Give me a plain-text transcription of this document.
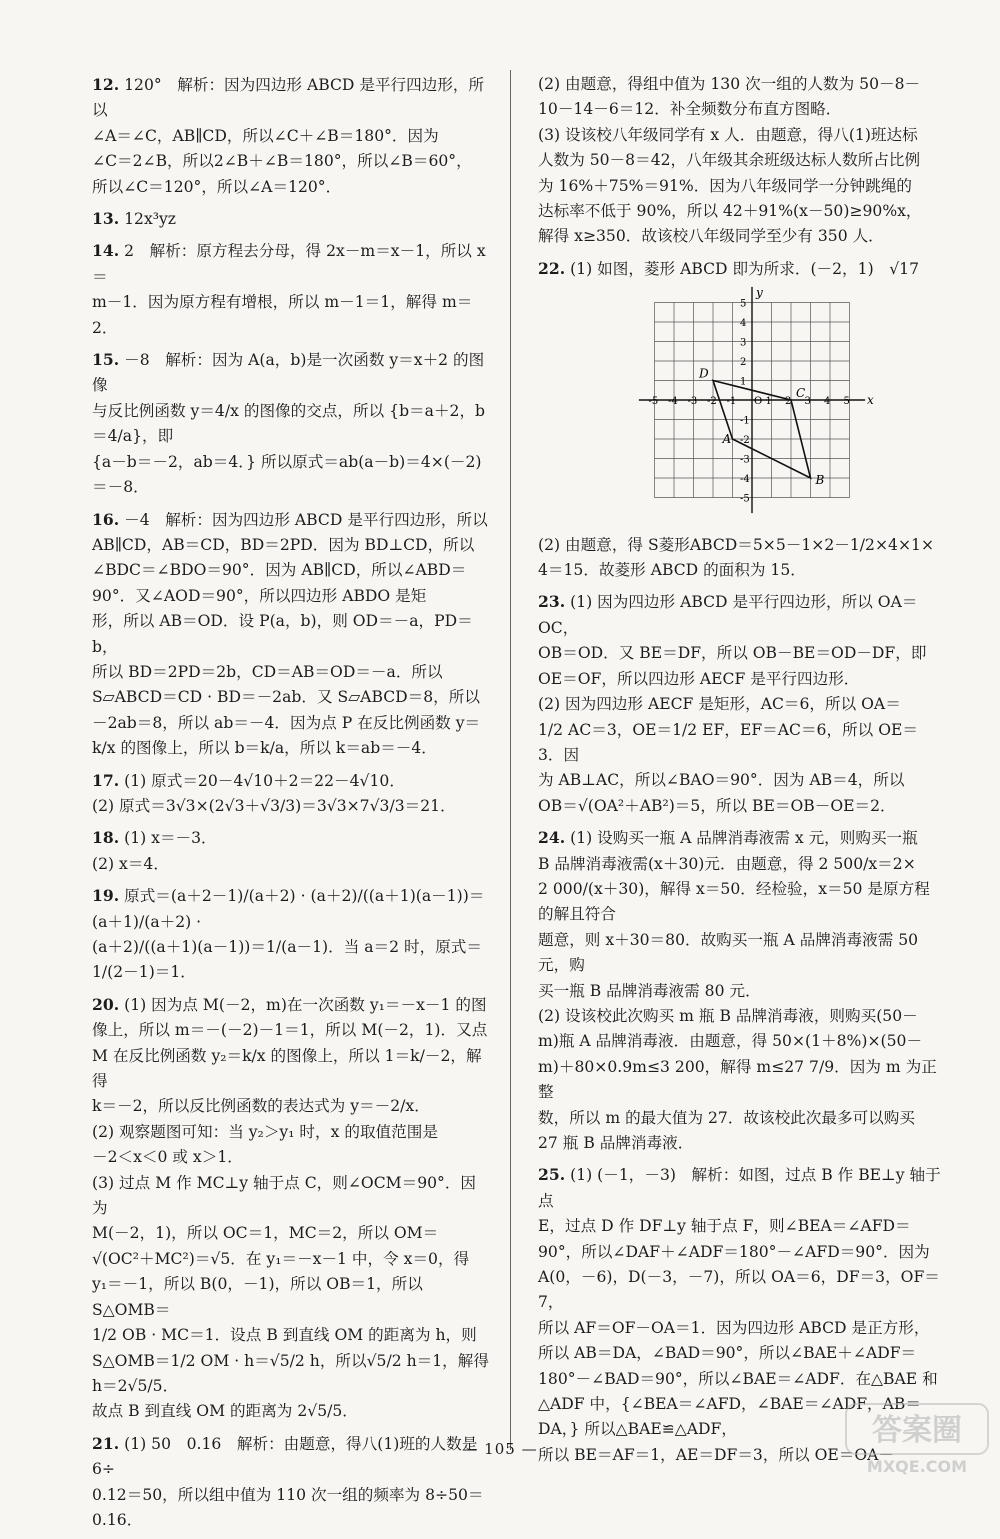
12. 120°　解析：因为四边形 ABCD 是平行四边形，所以

∠A＝∠C，AB∥CD，所以∠C＋∠B＝180°．因为

∠C＝2∠B，所以2∠B＋∠B＝180°，所以∠B＝60°，

所以∠C＝120°，所以∠A＝120°．

13. 12x³yz

14. 2　解析：原方程去分母，得 2x－m＝x－1，所以 x＝

m－1．因为原方程有增根，所以 m－1＝1，解得 m＝2．

15. －8　解析：因为 A(a，b)是一次函数 y＝x＋2 的图像

与反比例函数 y＝4/x 的图像的交点，所以 {b＝a＋2，b＝4/a}，即

{a－b＝－2，ab＝4．} 所以原式＝ab(a－b)＝4×(－2)＝－8．

16. －4　解析：因为四边形 ABCD 是平行四边形，所以

AB∥CD，AB＝CD，BD＝2PD．因为 BD⊥CD，所以

∠BDC＝∠BDO＝90°．因为 AB∥CD，所以∠ABD＝

90°．又∠AOD＝90°，所以四边形 ABDO 是矩

形，所以 AB＝OD．设 P(a，b)，则 OD＝－a，PD＝b，

所以 BD＝2PD＝2b，CD＝AB＝OD＝－a．所以

S▱ABCD＝CD · BD＝－2ab．又 S▱ABCD＝8，所以

－2ab＝8，所以 ab＝－4．因为点 P 在反比例函数 y＝

k/x 的图像上，所以 b＝k/a，所以 k＝ab＝－4．

17. (1) 原式＝20－4√10＋2＝22－4√10．

(2) 原式＝3√3×(2√3＋√3/3)＝3√3×7√3/3＝21．

18. (1) x＝－3．

(2) x＝4．

19. 原式＝(a＋2－1)/(a＋2) · (a＋2)/((a＋1)(a－1))＝(a＋1)/(a＋2) ·

(a＋2)/((a＋1)(a－1))＝1/(a－1)．当 a＝2 时，原式＝1/(2－1)＝1．

20. (1) 因为点 M(－2，m)在一次函数 y₁＝－x－1 的图

像上，所以 m＝－(－2)－1＝1，所以 M(－2，1)．又点

M 在反比例函数 y₂＝k/x 的图像上，所以 1＝k/－2，解得

k＝－2，所以反比例函数的表达式为 y＝－2/x．

(2) 观察题图可知：当 y₂＞y₁ 时，x 的取值范围是

－2＜x＜0 或 x＞1．

(3) 过点 M 作 MC⊥y 轴于点 C，则∠OCM＝90°．因为

M(－2，1)，所以 OC＝1，MC＝2，所以 OM＝

√(OC²＋MC²)＝√5．在 y₁＝－x－1 中，令 x＝0，得

y₁＝－1，所以 B(0，－1)，所以 OB＝1，所以 S△OMB＝

1/2 OB · MC＝1．设点 B 到直线 OM 的距离为 h，则

S△OMB＝1/2 OM · h＝√5/2 h，所以√5/2 h＝1，解得 h＝2√5/5．

故点 B 到直线 OM 的距离为 2√5/5．

21. (1) 50　0.16　解析：由题意，得八(1)班的人数是 6÷

0.12＝50，所以组中值为 110 次一组的频率为 8÷50＝

0.16．

(2) 由题意，得组中值为 130 次一组的人数为 50－8－

10－14－6＝12．补全频数分布直方图略．

(3) 设该校八年级同学有 x 人．由题意，得八(1)班达标

人数为 50－8＝42，八年级其余班级达标人数所占比例

为 16%＋75%＝91%．因为八年级同学一分钟跳绳的

达标率不低于 90%，所以 42＋91%(x－50)≥90%x，

解得 x≥350．故该校八年级同学至少有 350 人．

22. (1) 如图，菱形 ABCD 即为所求．(－2，1)　√17

x
y
-5 -4 -3 -2 -1 O 1 2 3 4 5
5
4
3
2
1
-1
-2
-3
-4
-5
A
B
C
D

(2) 由题意，得 S菱形ABCD＝5×5－1×2－1/2×4×1×

4＝15．故菱形 ABCD 的面积为 15．

23. (1) 因为四边形 ABCD 是平行四边形，所以 OA＝OC，

OB＝OD．又 BE＝DF，所以 OB－BE＝OD－DF，即

OE＝OF，所以四边形 AECF 是平行四边形．

(2) 因为四边形 AECF 是矩形，AC＝6，所以 OA＝

1/2 AC＝3，OE＝1/2 EF，EF＝AC＝6，所以 OE＝3．因

为 AB⊥AC，所以∠BAO＝90°．因为 AB＝4，所以

OB＝√(OA²＋AB²)＝5，所以 BE＝OB－OE＝2．

24. (1) 设购买一瓶 A 品牌消毒液需 x 元，则购买一瓶

B 品牌消毒液需(x＋30)元．由题意，得 2 500/x＝2×

2 000/(x＋30)，解得 x＝50．经检验，x＝50 是原方程的解且符合

题意，则 x＋30＝80．故购买一瓶 A 品牌消毒液需 50 元，购

买一瓶 B 品牌消毒液需 80 元．

(2) 设该校此次购买 m 瓶 B 品牌消毒液，则购买(50－

m)瓶 A 品牌消毒液．由题意，得 50×(1＋8%)×(50－

m)＋80×0.9m≤3 200，解得 m≤27 7/9．因为 m 为正整

数，所以 m 的最大值为 27．故该校此次最多可以购买

27 瓶 B 品牌消毒液．

25. (1) (－1，－3)　解析：如图，过点 B 作 BE⊥y 轴于点

E，过点 D 作 DF⊥y 轴于点 F，则∠BEA＝∠AFD＝

90°，所以∠DAF＋∠ADF＝180°－∠AFD＝90°．因为

A(0，－6)，D(－3，－7)，所以 OA＝6，DF＝3，OF＝7，

所以 AF＝OF－OA＝1．因为四边形 ABCD 是正方形，

所以 AB＝DA，∠BAD＝90°，所以∠BAE＋∠ADF＝

180°－∠BAD＝90°，所以∠BAE＝∠ADF．在△BAE 和

△ADF 中，{∠BEA＝∠AFD，∠BAE＝∠ADF，AB＝DA，} 所以△BAE≌△ADF，

所以 BE＝AF＝1，AE＝DF＝3，所以 OE＝OA－

— 105 —
答案圈
MXQE.COM
